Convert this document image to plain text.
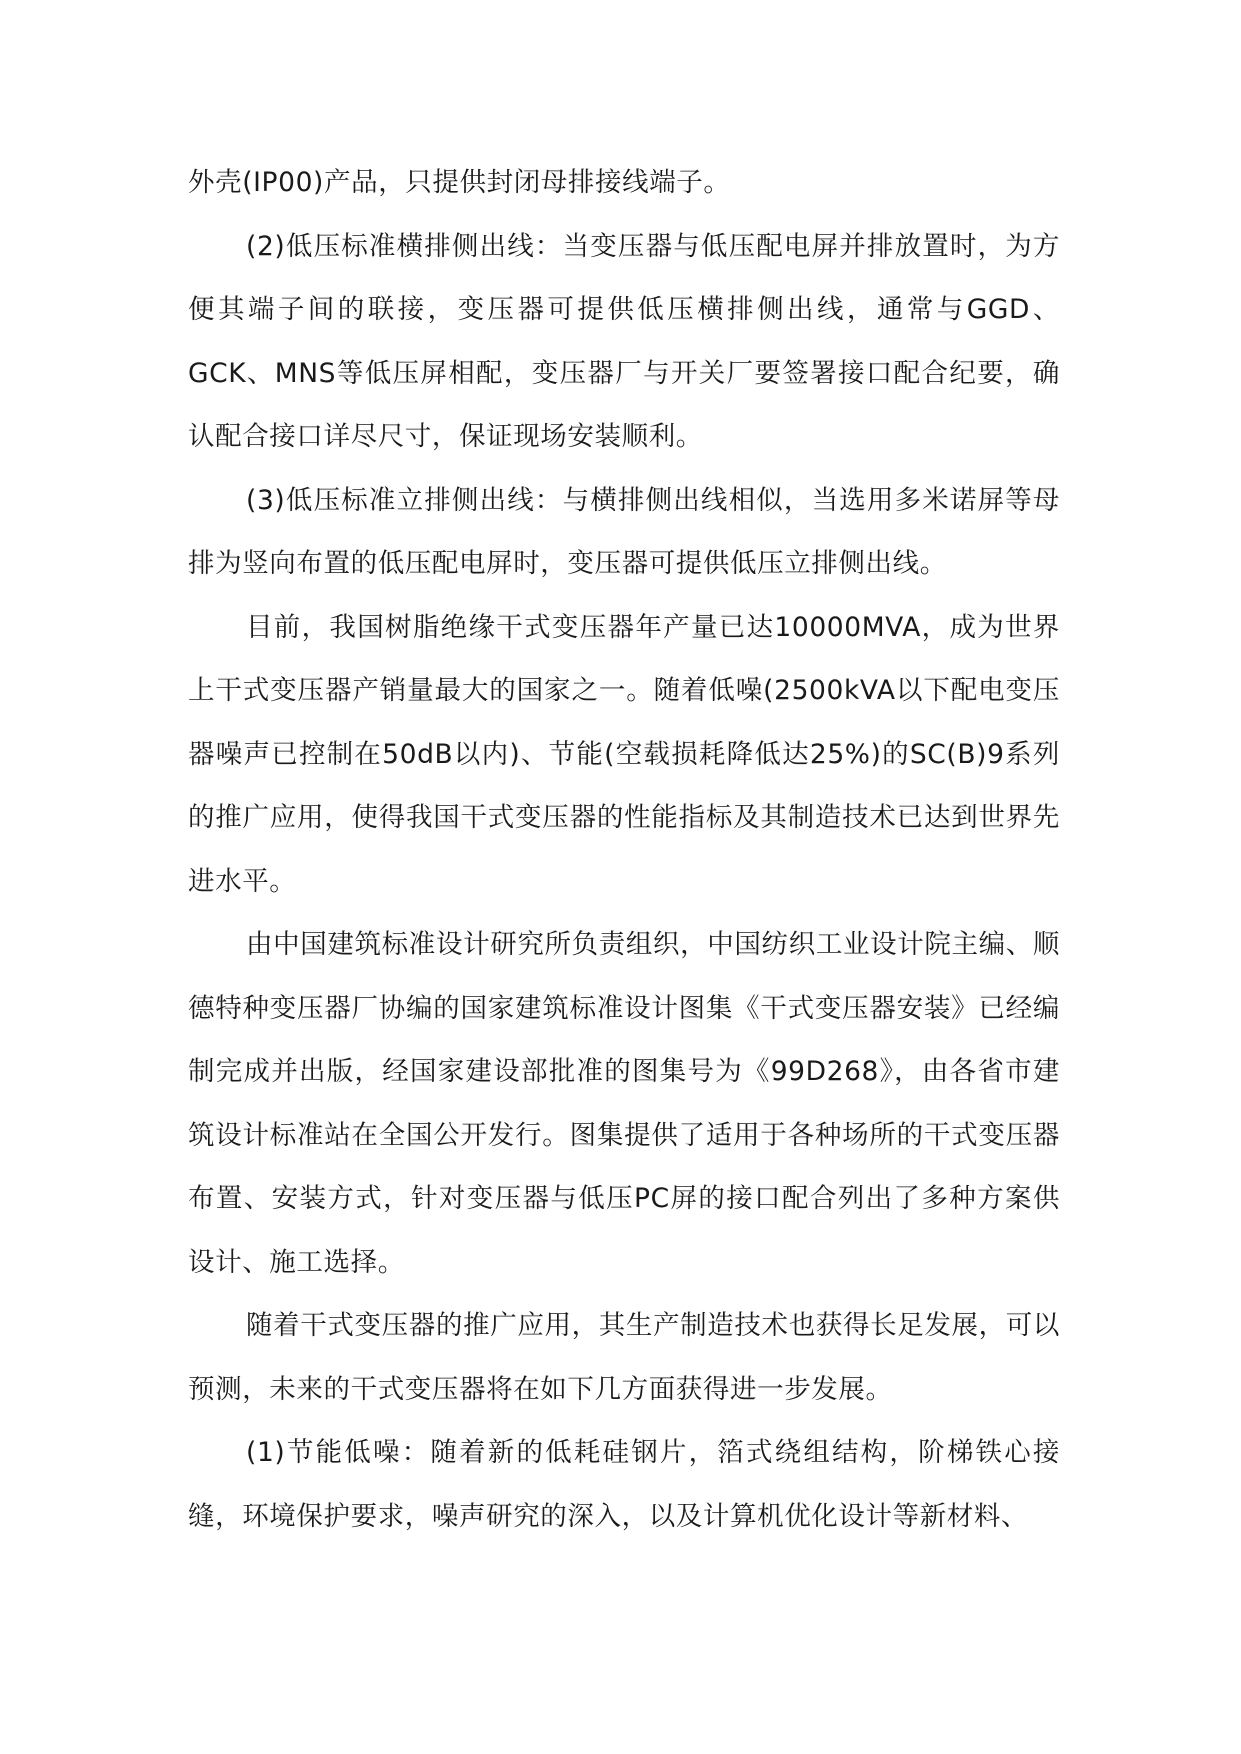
外壳(IP00)产品，只提供封闭母排接线端子。

(2)低压标准横排侧出线：当变压器与低压配电屏并排放置时，为方便其端子间的联接，变压器可提供低压横排侧出线，通常与GGD、GCK、MNS等低压屏相配，变压器厂与开关厂要签署接口配合纪要，确认配合接口详尽尺寸，保证现场安装顺利。

(3)低压标准立排侧出线：与横排侧出线相似，当选用多米诺屏等母排为竖向布置的低压配电屏时，变压器可提供低压立排侧出线。

目前，我国树脂绝缘干式变压器年产量已达10000MVA，成为世界上干式变压器产销量最大的国家之一。随着低噪(2500kVA以下配电变压器噪声已控制在50dB以内)、节能(空载损耗降低达25%)的SC(B)9系列的推广应用，使得我国干式变压器的性能指标及其制造技术已达到世界先进水平。

由中国建筑标准设计研究所负责组织，中国纺织工业设计院主编、顺德特种变压器厂协编的国家建筑标准设计图集《干式变压器安装》已经编制完成并出版，经国家建设部批准的图集号为《99D268》，由各省市建筑设计标准站在全国公开发行。图集提供了适用于各种场所的干式变压器布置、安装方式，针对变压器与低压PC屏的接口配合列出了多种方案供设计、施工选择。

随着干式变压器的推广应用，其生产制造技术也获得长足发展，可以预测，未来的干式变压器将在如下几方面获得进一步发展。

(1)节能低噪：随着新的低耗硅钢片，箔式绕组结构，阶梯铁心接缝，环境保护要求，噪声研究的深入，以及计算机优化设计等新材料、
